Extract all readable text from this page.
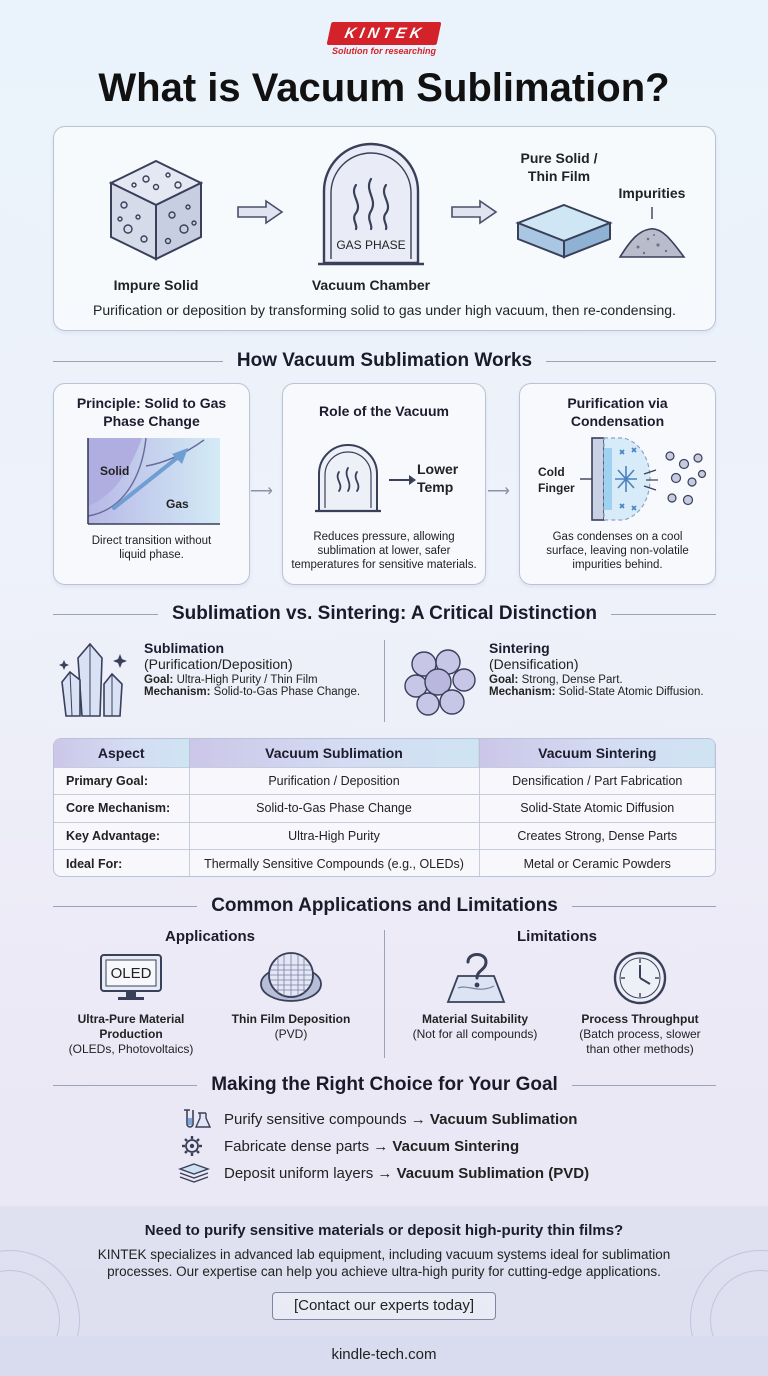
KINTEK
Solution for researching
What is Vacuum Sublimation?
Impure Solid
GAS PHASE
Vacuum Chamber
Pure Solid /
Thin Film
Impurities
Purification or deposition by transforming solid to gas under high vacuum, then re-condensing.
How Vacuum Sublimation Works
Principle: Solid to Gas
Phase Change
Solid
Gas
Direct transition without
liquid phase.
⟶
Role of the Vacuum
Lower
Temp
Reduces pressure, allowing
sublimation at lower, safer
temperatures for sensitive materials.
⟶
Purification via
Condensation
Cold
Finger
Gas condenses on a cool
surface, leaving non-volatile
impurities behind.
Sublimation vs. Sintering: A Critical Distinction
Sublimation
(Purification/Deposition)
Goal: Ultra-High Purity / Thin Film
Mechanism: Solid-to-Gas Phase Change.
Sintering
(Densification)
Goal: Strong, Dense Part.
Mechanism: Solid-State Atomic Diffusion.
Aspect	Vacuum Sublimation	Vacuum Sintering
Primary Goal:	Purification / Deposition	Densification / Part Fabrication
Core Mechanism:	Solid-to-Gas Phase Change	Solid-State Atomic Diffusion
Key Advantage:	Ultra-High Purity	Creates Strong, Dense Parts
Ideal For:	Thermally Sensitive Compounds (e.g., OLEDs)	Metal or Ceramic Powders
Common Applications and Limitations
Applications	Limitations
OLED
Ultra-Pure Material
Production
(OLEDs, Photovoltaics)
Thin Film Deposition
(PVD)
Material Suitability
(Not for all compounds)
Process Throughput
(Batch process, slower
than other methods)
Making the Right Choice for Your Goal
Purify sensitive compounds → Vacuum Sublimation
Fabricate dense parts → Vacuum Sintering
Deposit uniform layers → Vacuum Sublimation (PVD)
Need to purify sensitive materials or deposit high-purity thin films?
KINTEK specializes in advanced lab equipment, including vacuum systems ideal for sublimation processes. Our expertise can help you achieve ultra-high purity for cutting-edge applications.
[Contact our experts today]
kindle-tech.com
